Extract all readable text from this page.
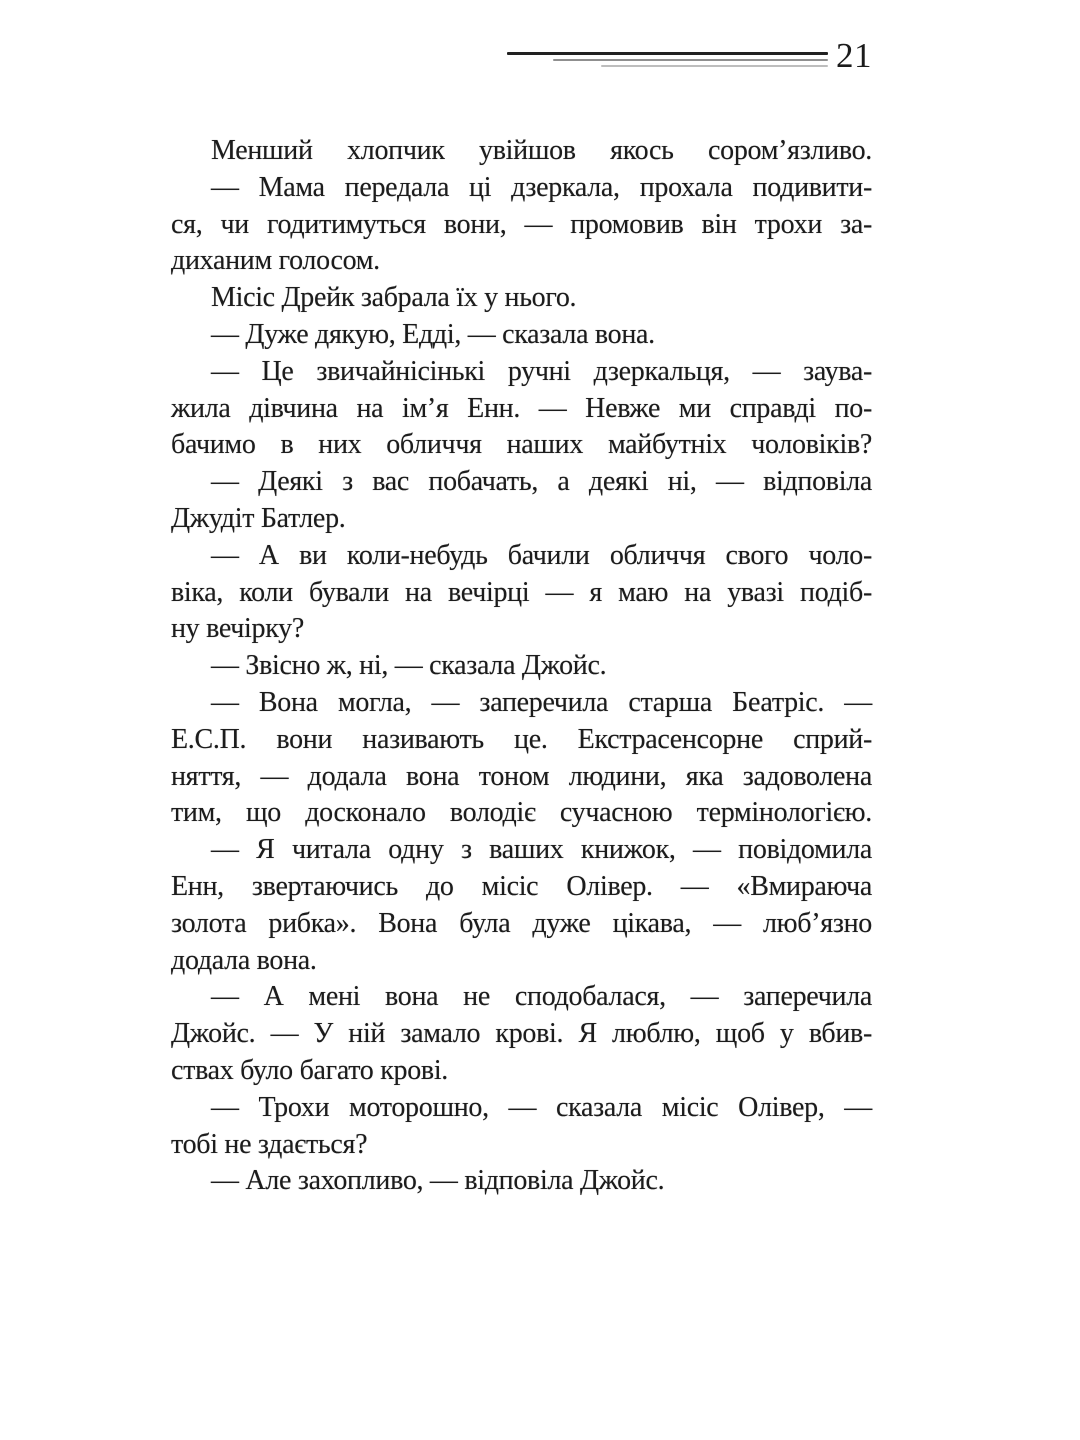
21
Менший хлопчик увійшов якось сором’язливо.
— Мама передала ці дзеркала, прохала подивити-
ся, чи годитимуться вони, — промовив він трохи за-
диханим голосом.
Місіс Дрейк забрала їх у нього.
— Дуже дякую, Едді, — сказала вона.
— Це звичайнісінькі ручні дзеркальця, — заува-
жила дівчина на ім’я Енн. — Невже ми справді по-
бачимо в них обличчя наших майбутніх чоловіків?
— Деякі з вас побачать, а деякі ні, — відповіла
Джудіт Батлер.
— А ви коли-небудь бачили обличчя свого чоло-
віка, коли бували на вечірці — я маю на увазі подіб-
ну вечірку?
— Звісно ж, ні, — сказала Джойс.
— Вона могла, — заперечила старша Беатріс. —
Е.С.П. вони називають це. Екстрасенсорне сприй-
няття, — додала вона тоном людини, яка задоволена
тим, що досконало володіє сучасною термінологією.
— Я читала одну з ваших книжок, — повідомила
Енн, звертаючись до місіс Олівер. — «Вмираюча
золота рибка». Вона була дуже цікава, — люб’язно
додала вона.
— А мені вона не сподобалася, — заперечила
Джойс. — У ній замало крові. Я люблю, щоб у вбив-
ствах було багато крові.
— Трохи моторошно, — сказала місіс Олівер, —
тобі не здається?
— Але захопливо, — відповіла Джойс.
